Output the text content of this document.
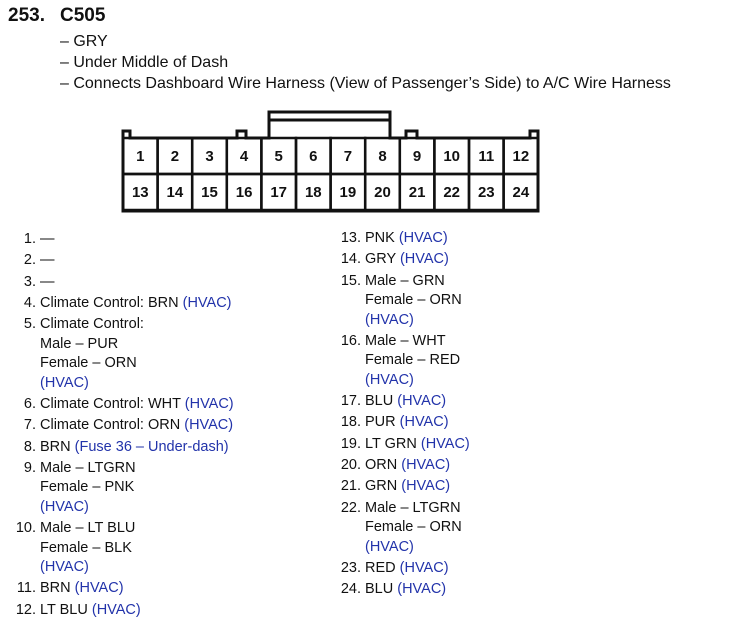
253. C505
– GRY
– Under Middle of Dash
– Connects Dashboard Wire Harness (View of Passenger’s Side) to A/C Wire Harness
1 2 3 4 5 6 7 8 9 10 11 12
13 14 15 16 17 18 19 20 21 22 23 24
1. —
2. —
3. —
4. Climate Control: BRN (HVAC)
5. Climate Control:
Male – PUR
Female – ORN
(HVAC)
6. Climate Control: WHT (HVAC)
7. Climate Control: ORN (HVAC)
8. BRN (Fuse 36 – Under-dash)
9. Male – LTGRN
Female – PNK
(HVAC)
10. Male – LT BLU
Female – BLK
(HVAC)
11. BRN (HVAC)
12. LT BLU (HVAC)
13. PNK (HVAC)
14. GRY (HVAC)
15. Male – GRN
Female – ORN
(HVAC)
16. Male – WHT
Female – RED
(HVAC)
17. BLU (HVAC)
18. PUR (HVAC)
19. LT GRN (HVAC)
20. ORN (HVAC)
21. GRN (HVAC)
22. Male – LTGRN
Female – ORN
(HVAC)
23. RED (HVAC)
24. BLU (HVAC)
